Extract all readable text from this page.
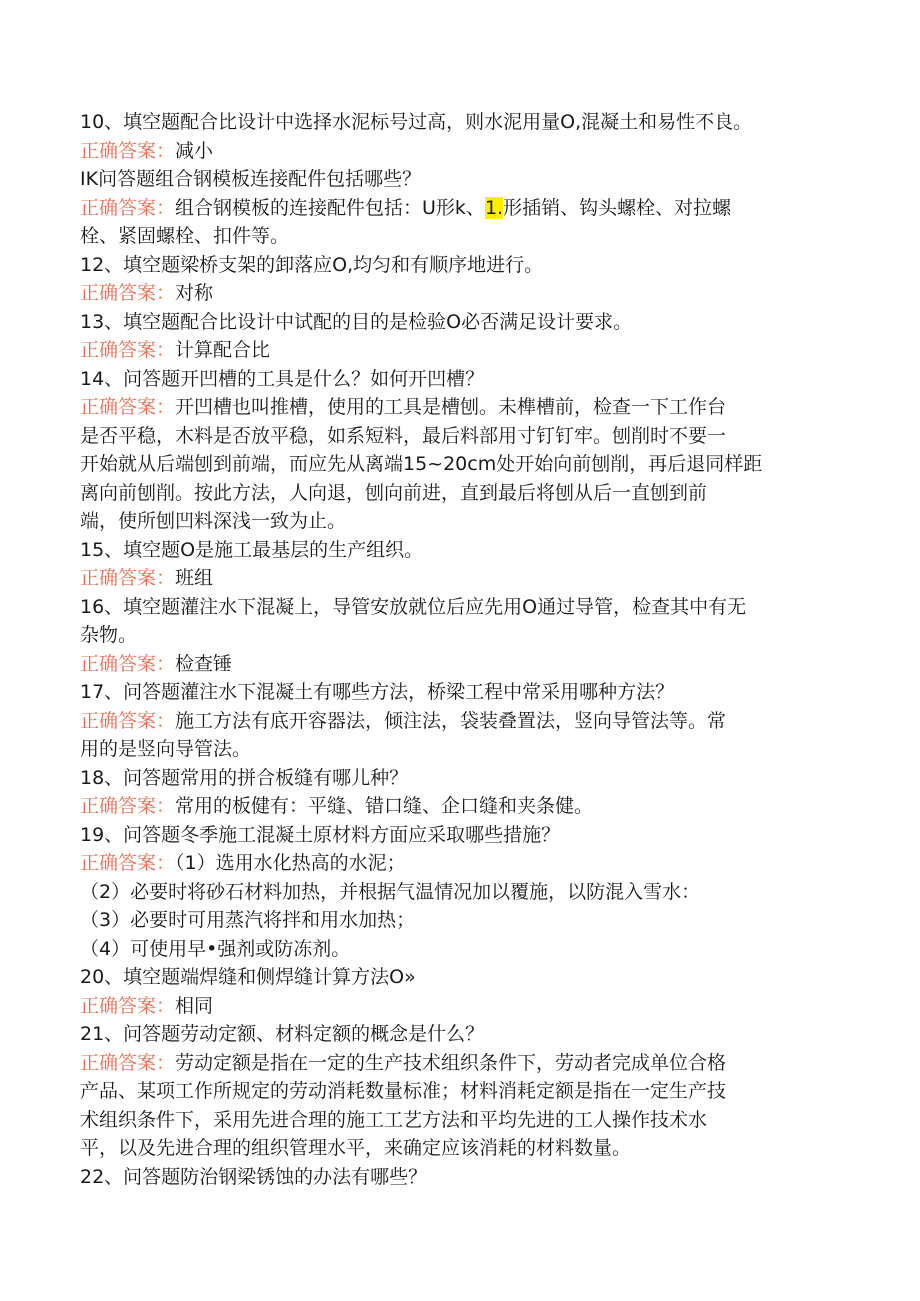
10、填空题配合比设计中选择水泥标号过高，则水泥用量O,混凝土和易性不良。
正确答案：减小
IK问答题组合钢模板连接配件包括哪些？
正确答案：组合钢模板的连接配件包括：U形k、1.形插销、钩头螺栓、对拉螺
栓、紧固螺栓、扣件等。
12、填空题梁桥支架的卸落应O,均匀和有顺序地进行。
正确答案：对称
13、填空题配合比设计中试配的目的是检验O必否满足设计要求。
正确答案：计算配合比
14、问答题开凹槽的工具是什么？如何开凹槽？
正确答案：开凹槽也叫推槽，使用的工具是槽刨。未榫槽前，检查一下工作台
是否平稳，木料是否放平稳，如系短料，最后料部用寸钉钉牢。刨削时不要一
开始就从后端刨到前端，而应先从离端15~20cm处开始向前刨削，再后退同样距
离向前刨削。按此方法，人向退，刨向前进，直到最后将刨从后一直刨到前
端，使所刨凹料深浅一致为止。
15、填空题O是施工最基层的生产组织。
正确答案：班组
16、填空题灌注水下混凝上，导管安放就位后应先用O通过导管，检查其中有无
杂物。
正确答案：检查锤
17、问答题灌注水下混凝土有哪些方法，桥梁工程中常采用哪种方法？
正确答案：施工方法有底开容器法，倾注法，袋装叠置法，竖向导管法等。常
用的是竖向导管法。
18、问答题常用的拼合板缝有哪儿种？
正确答案：常用的板健有：平缝、错口缝、企口缝和夹条健。
19、问答题冬季施工混凝土原材料方面应采取哪些措施？
正确答案：（1）选用水化热高的水泥；
（2）必要时将砂石材料加热，并根据气温情况加以覆施，以防混入雪水：
（3）必要时可用蒸汽将拌和用水加热；
（4）可使用早•强剂或防冻剂。
20、填空题端焊缝和侧焊缝计算方法O»
正确答案：相同
21、问答题劳动定额、材料定额的概念是什么？
正确答案：劳动定额是指在一定的生产技术组织条件下，劳动者完成单位合格
产品、某项工作所规定的劳动消耗数量标准；材料消耗定额是指在一定生产技
术组织条件下，采用先进合理的施工工艺方法和平均先进的工人操作技术水
平，以及先进合理的组织管理水平，来确定应该消耗的材料数量。
22、问答题防治钢梁锈蚀的办法有哪些？
